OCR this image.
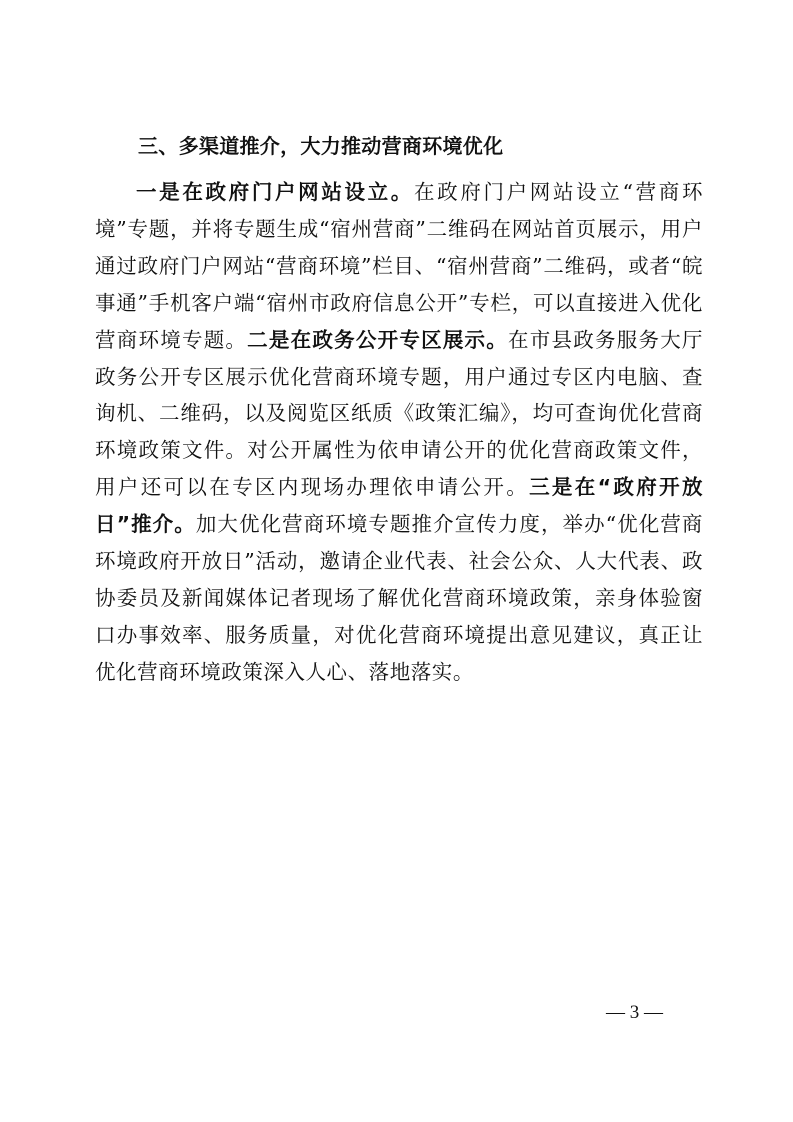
三、多渠道推介，大力推动营商环境优化

一是在政府门户网站设立。在政府门户网站设立“营商环境”专题，并将专题生成“宿州营商”二维码在网站首页展示，用户通过政府门户网站“营商环境”栏目、“宿州营商”二维码，或者“皖事通”手机客户端“宿州市政府信息公开”专栏，可以直接进入优化营商环境专题。二是在政务公开专区展示。在市县政务服务大厅政务公开专区展示优化营商环境专题，用户通过专区内电脑、查询机、二维码，以及阅览区纸质《政策汇编》，均可查询优化营商环境政策文件。对公开属性为依申请公开的优化营商政策文件，用户还可以在专区内现场办理依申请公开。三是在“政府开放日”推介。加大优化营商环境专题推介宣传力度，举办“优化营商环境政府开放日”活动，邀请企业代表、社会公众、人大代表、政协委员及新闻媒体记者现场了解优化营商环境政策，亲身体验窗口办事效率、服务质量，对优化营商环境提出意见建议，真正让优化营商环境政策深入人心、落地落实。

— 3 —
